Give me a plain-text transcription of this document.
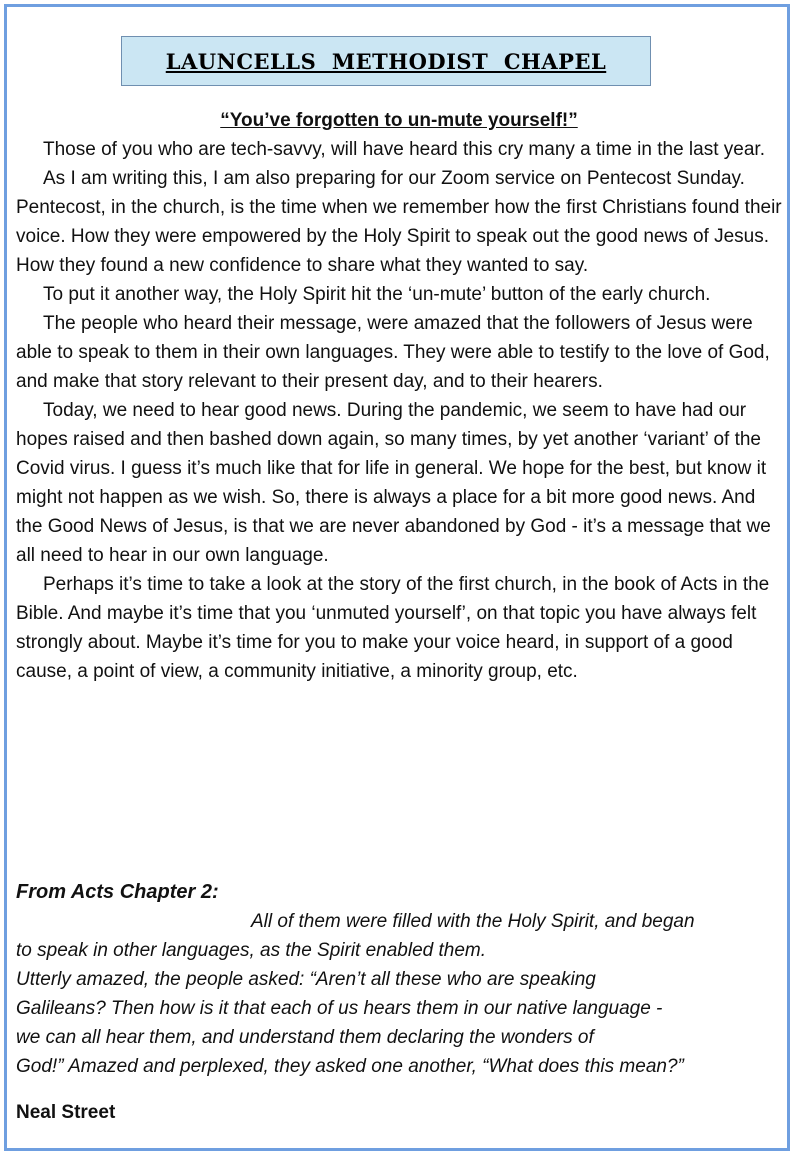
LAUNCELLS  METHODIST  CHAPEL

“You’ve forgotten to un-mute yourself!”

Those of you who are tech-savvy, will have heard this cry many a time in the last year.

As I am writing this, I am also preparing for our Zoom service on Pentecost Sunday. Pentecost, in the church, is the time when we remember how the first Christians found their voice. How they were empowered by the Holy Spirit to speak out the good news of Jesus. How they found a new confidence to share what they wanted to say.

To put it another way, the Holy Spirit hit the ‘un-mute’ button of the early church.

The people who heard their message, were amazed that the followers of Jesus were able to speak to them in their own languages. They were able to testify to the love of God, and make that story relevant to their present day, and to their hearers.

Today, we need to hear good news. During the pandemic, we seem to have had our hopes raised and then bashed down again, so many times, by yet another ‘variant’ of the Covid virus. I guess it’s much like that for life in general. We hope for the best, but know it might not happen as we wish. So, there is always a place for a bit more good news. And the Good News of Jesus, is that we are never abandoned by God - it’s a message that we all need to hear in our own language.

Perhaps it’s time to take a look at the story of the first church, in the book of Acts in the Bible. And maybe it’s time that you ‘unmuted yourself’, on that topic you have always felt strongly about. Maybe it’s time for you to make your voice heard, in support of a good cause, a point of view, a community initiative, a minority group, etc.

From Acts Chapter 2:

All of them were filled with the Holy Spirit, and began

to speak in other languages, as the Spirit enabled them.

Utterly amazed, the people asked: “Aren’t all these who are speaking

Galileans? Then how is it that each of us hears them in our native language -

we can all hear them, and understand them declaring the wonders of

God!” Amazed and perplexed, they asked one another, “What does this mean?”

Neal Street
